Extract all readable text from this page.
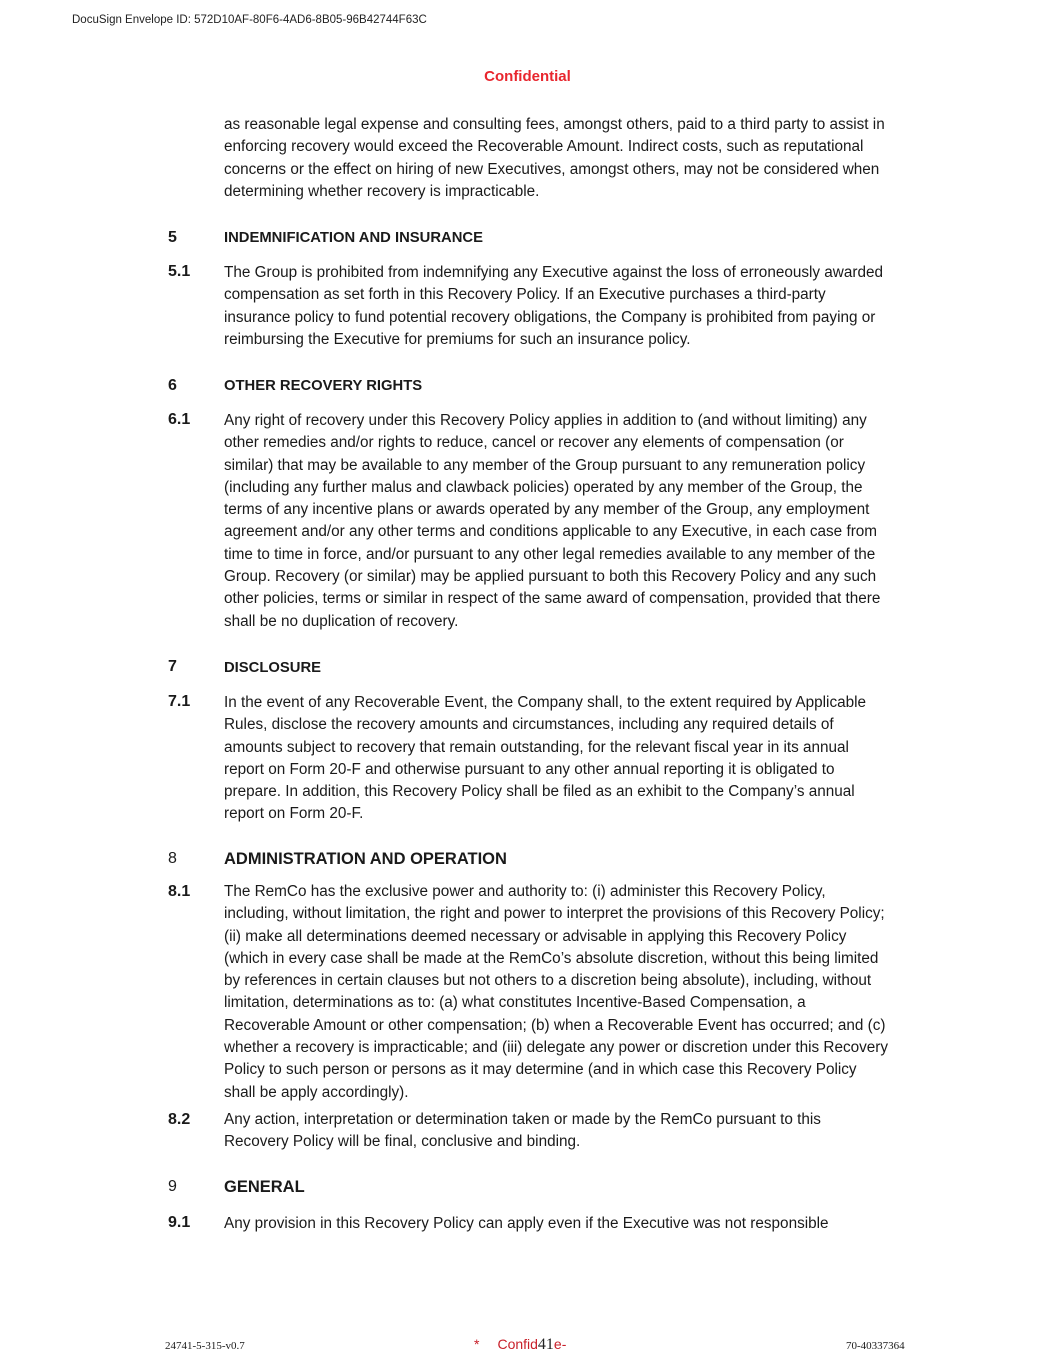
DocuSign Envelope ID: 572D10AF-80F6-4AD6-8B05-96B42744F63C
Confidential
as reasonable legal expense and consulting fees, amongst others, paid to a third party to assist in enforcing recovery would exceed the Recoverable Amount. Indirect costs, such as reputational concerns or the effect on hiring of new Executives, amongst others, may not be considered when determining whether recovery is impracticable.
5	INDEMNIFICATION AND INSURANCE
5.1 The Group is prohibited from indemnifying any Executive against the loss of erroneously awarded compensation as set forth in this Recovery Policy. If an Executive purchases a third-party insurance policy to fund potential recovery obligations, the Company is prohibited from paying or reimbursing the Executive for premiums for such an insurance policy.
6	OTHER RECOVERY RIGHTS
6.1 Any right of recovery under this Recovery Policy applies in addition to (and without limiting) any other remedies and/or rights to reduce, cancel or recover any elements of compensation (or similar) that may be available to any member of the Group pursuant to any remuneration policy (including any further malus and clawback policies) operated by any member of the Group, the terms of any incentive plans or awards operated by any member of the Group, any employment agreement and/or any other terms and conditions applicable to any Executive, in each case from time to time in force, and/or pursuant to any other legal remedies available to any member of the Group. Recovery (or similar) may be applied pursuant to both this Recovery Policy and any such other policies, terms or similar in respect of the same award of compensation, provided that there shall be no duplication of recovery.
7	DISCLOSURE
7.1 In the event of any Recoverable Event, the Company shall, to the extent required by Applicable Rules, disclose the recovery amounts and circumstances, including any required details of amounts subject to recovery that remain outstanding, for the relevant fiscal year in its annual report on Form 20-F and otherwise pursuant to any other annual reporting it is obligated to prepare. In addition, this Recovery Policy shall be filed as an exhibit to the Company’s annual report on Form 20-F.
8	ADMINISTRATION AND OPERATION
8.1 The RemCo has the exclusive power and authority to: (i) administer this Recovery Policy, including, without limitation, the right and power to interpret the provisions of this Recovery Policy; (ii) make all determinations deemed necessary or advisable in applying this Recovery Policy (which in every case shall be made at the RemCo’s absolute discretion, without this being limited by references in certain clauses but not others to a discretion being absolute), including, without limitation, determinations as to: (a) what constitutes Incentive-Based Compensation, a Recoverable Amount or other compensation; (b) when a Recoverable Event has occurred; and (c) whether a recovery is impracticable; and (iii) delegate any power or discretion under this Recovery Policy to such person or persons as it may determine (and in which case this Recovery Policy shall be apply accordingly).
8.2 Any action, interpretation or determination taken or made by the RemCo pursuant to this Recovery Policy will be final, conclusive and binding.
9	GENERAL
9.1 Any provision in this Recovery Policy can apply even if the Executive was not responsible
24741-5-315-v0.7	* Confid41e-	70-40337364
